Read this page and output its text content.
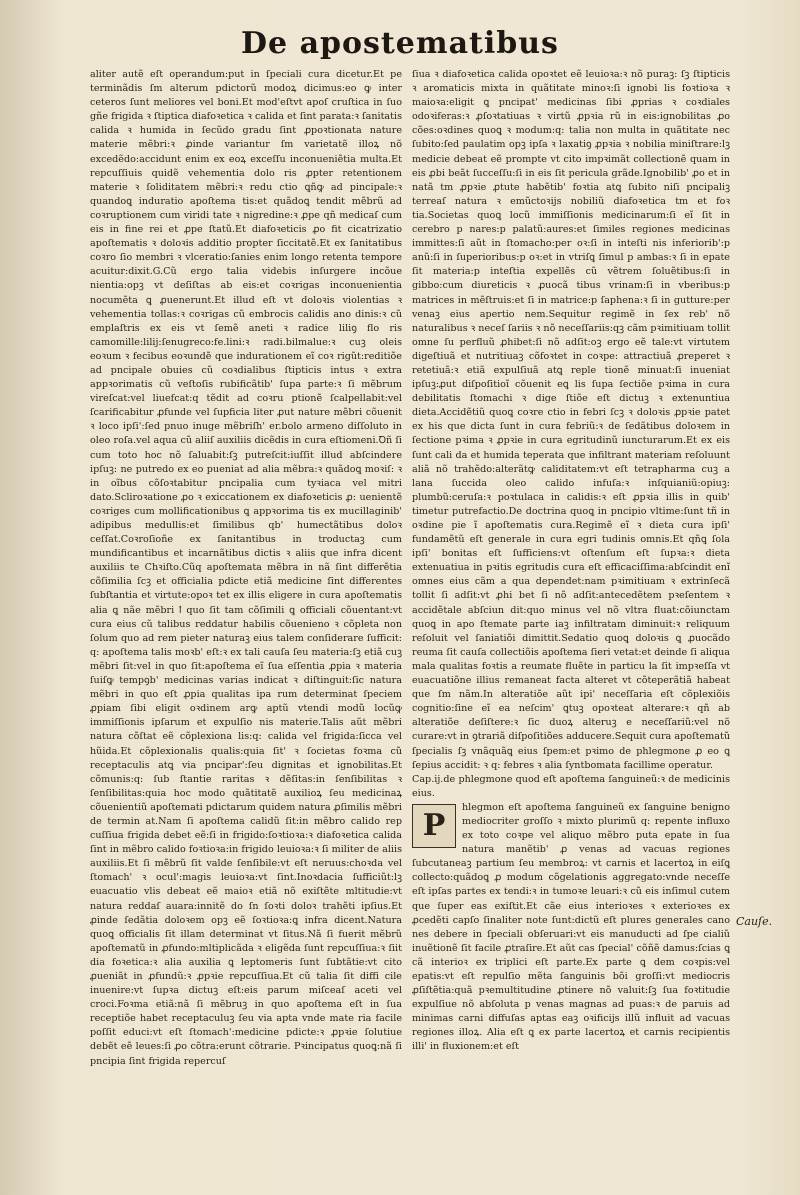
De apostematibus

aliter autẽ eſt operandum:put in ſpeciali cura dicetur.Et pe terminãdis ſm alterum pdictorũ modoꝝ dicimus:eo ꝙ inter ceteros ſunt meliores vel boni.Et mod'eſtvt apoſ cruſtica in ſuo gñe frigida ꝛ ſtiptica diafoꝛetica ꝛ calida et ſint parata:ꝛ ſanitatis calida ꝛ humida in ſecũdo gradu ſint ꝓpoꝛtionata nature materie mẽbri:ꝛ ꝓinde variantur ſm varietatẽ illoꝝ nõ excedẽdo:accidunt enim ex eoꝝ exceſſu inconueniẽtia multa.Et repcuſſiuis quidẽ vehementia dolo ris ꝓpter retentionem materie ꝛ ſoliditatem mẽbri:ꝛ redu ctio ꝗñꝙ ad pincipale:ꝛ quandoꝗ induratio apoſtema tis:et quãdoꝗ tendit mẽbrũ ad coꝛruptionem cum viridi tate ꝛ nigredine:ꝛ ꝓpe qñ medicaſ cum eis in fine rei et ꝓpe ſtatũ.Et diafoꝛeticis ꝓo fit cicatrizatio apoſtematis ꝛ doloꝛis additio propter ſiccitatẽ.Et ex ſanitatibus coꝛro ſio membri ꝛ vlceratio:ſanies enim longo retenta tempore acuitur:dixit.G.Cũ ergo talia videbis inſurgere incõue nientia:opꝫ vt deſiſtas ab eis:et coꝛrigas inconuenientia nocumẽta ꝗ ꝓuenerunt.Et illud eſt vt doloꝛis violentias ꝛ vehementia tollas:ꝛ coꝛrigas cũ embrocis calidis ano dinis:ꝛ cũ emplaſtris ex eis vt ſemẽ aneti ꝛ radice liliꝯ flo ris camomille:lilij:ſenugreco:fe.lini:ꝛ radi.bilmalue:ꝛ cuꝫ oleis eoꝛum ꝛ fecibus eoꝛundẽ que indurationem eĩ coꝛ rigũt:reditiõe ad pncipale obuies cũ coꝛdialibus ſtipticis intus ꝛ extra appꝛorimatis cũ veſtoſis rubificãtib' ſupa parte:ꝛ ſi mẽbrum vireſcat:vel liuefcat:q tẽdit ad coꝛru ptionẽ ſcalpellabit:vel ſcarificabitur ꝓfunde vel ſupficia liter ꝓut nature mẽbri cõuenit ꝛ loco ipſi':ſed pnuo inuge mẽbriſh' er.bolo armeno diſſoluto in oleo roſa.vel aqua cũ aliiſ auxiliis dicẽdis in cura eſtiomeni.Ꝺñ ſi cum toto hoc nõ ſaluabit:ſꝫ putreſcit:iuſſit illud abſcindere ipſuꝫ: ne putredo ex eo pueniat ad alia mẽbra:ꝛ quãdoꝗ moꝛiſ: ꝛ in oĩbus cõſoꝛtabitur pncipalia cum tyꝛiaca vel mitri dato.Scliroꝛatione ꝓo ꝛ exiccationem ex diafoꝛeticis ꝓ: uenientẽ coꝛriges cum mollificationibus ꝗ appꝛorima tis ex mucillaginib' adipibus medullis:et ſimilibus qb' humectãtibus doloꝛ ceſſat.Coꝛroſioñe ex ſanitantibus in troductaꝫ cum mundificantibus et incarnãtibus dictis ꝛ aliis que infra dicent auxiliis te Chꝛiſto.Cũq apoſtemata mẽbra in nã ſint differẽtia cõſimilia ſcꝫ et officialia pdicte etiã medicine ſint differentes ſubſtantia et virtute:opoꝛ tet ex illis eligere in cura apoſtematis alia ꝗ nãe mẽbri ꝉ quo ſit tam cõſimili ꝗ officiali cõuentant:vt cura eius cũ talibus reddatur habilis cõuenieno ꝛ cõpleta non ſolum quo ad rem pieter naturaꝫ eius talem conſiderare ſufficit: q: apoſtema talis moꝛb' eſt:ꝛ ex tali cauſa ſeu materia:ſꝫ etiã cuꝫ mẽbri ſit:vel in quo ſit:apoſtema eĩ ſua eſſentia ꝓpia ꝛ materia ſuiſꝙ tempꝯb' medicinas varias indicat ꝛ diſtinguit:ſic natura mẽbri in quo eſt ꝓpia qualitas ipa rum determinat ſpeciem ꝓpiam ſibi eligit oꝛdinem arꝙ aptũ vtendi modũ locũꝙ immiſſionis ipſarum et expulſio nis materie.Talis aũt mẽbri natura cõſtat eẽ cõplexiona lis:q: calida vel frigida:ſicca vel hũida.Et cõplexionalis qualis:quia ſit' ꝛ ſocietas foꝛma cũ receptaculis atꝗ via pncipar':ſeu dignitas et ignobilitas.Et cõmunis:q: ſub ſtantie raritas ꝛ dẽſitas:in ſenſibilitas ꝛ ſenſibilitas:quia hoc modo quãtitatẽ auxilioꝝ ſeu medicinaꝝ cõuenientiũ apoſtemati pdictarum quidem natura ꝓſimilis mẽbri de termin at.Nam ſi apoſtema calidũ ſit:in mẽbro calido rep cuſſiua frigida debet eẽ:ſi in frigido:ſoꝛtioꝛa:ꝛ diafoꝛetica calida ſint in mẽbro calido foꝛtioꝛa:in frigido leuioꝛa:ꝛ ſi militer de aliis auxiliis.Et ſi mẽbrũ ſit valde ſenſibile:vt eſt neruus:choꝛda vel ſtomach' ꝛ ocul':magis leuioꝛa:vt ſint.Inoꝛdacia ſufficiũt:lꝫ euacuatio vlis debeat eẽ maioꝛ etiã nõ exiſtẽte mltitudie:vt natura reddaſ auara:innitẽ do ſn ſoꝛti doloꝛ trahẽti ipſius.Et ꝓinde ſedãtia doloꝛem opꝫ eẽ ſoꝛtioꝛa:ꝗ infra dicent.Natura quoꝗ officialis ſit illam determinat vt ſitus.Nã ſi fuerit mẽbrũ apoſtematũ in ꝓfundo:mltiplicãda ꝛ eligẽda ſunt repcuſſiua:ꝛ ſiit dia foꝛetica:ꝛ alia auxilia ꝗ leptomeris ſunt ſubtãtie:vt cito ꝓueniãt in ꝓfundũ:ꝛ ꝓpꝛie repcuſſiua.Et cũ talia ſit diffi cile inuenire:vt ſupꝛa dictuꝫ eſt:eis parum miſceaſ aceti vel croci.Foꝛma etiã:nã ſi mẽbruꝫ in quo apoſtema eſt in ſua receptiõe habet receptaculuꝫ ſeu via apta vnde mate ria facile poſſit educi:vt eſt ſtomach':medicine pdicte:ꝛ ꝓpꝛie ſolutiue debẽt eẽ leues:ſi ꝓo cõtra:erunt cõtrarie. Pꝛincipatus quoꝗ:nã ſi pncipia ſint frigida repercuſ

ſiua ꝛ diafoꝛetica calida opoꝛtet eẽ leuioꝛa:ꝛ nõ puraꝫ: ſꝫ ſtipticis ꝛ aromaticis mixta in quãtitate minoꝛ:ſi ignobi lis foꝛtioꝛa ꝛ maioꝛa:eligit ꝗ pncipat' medicinas ſibi ꝓprias ꝛ coꝛdiales odoꝛiferas:ꝛ ꝓſoꝛtatiuas ꝛ virtũ ꝓpꝛia rũ in eis:ignobilitas ꝓo cões:oꝛdines quoꝗ ꝛ modum:q: talia non multa in quãtitate nec ſubito:ſed paulatim opꝫ ipſa ꝛ laxatiꝯ ꝓpꝛia ꝛ nobilia miniſtrare:lꝫ medicie debeat eẽ prompte vt cito impꝛimãt collectionẽ quam in eis ꝓbi beãt ſucceſſu:ſi in eis ſit pericula grãde.Ignobilib' ꝓo et in natã tm ꝓpꝛie ꝓtute habẽtib' foꝛtia atꝗ ſubito niſi pncipaliꝫ terreaſ natura ꝛ emũctoꝛijs nobiliũ diafoꝛetica tm et foꝛ tia.Societas quoꝗ locũ immiſſionis medicinarum:ſi eĩ ſit in cerebro p nares:p palatũ:aures:et ſimiles regiones medicinas immittes:ſi aũt in ſtomacho:per oꝛ:ſi in inteſti nis inferiorib':p anũ:ſi in ſuperioribus:p oꝛ:et in vtriſꝗ ſimul p ambas:ꝛ ſi in epate ſit materia:p inteſtia expellẽs cũ vẽtrem ſoluẽtibus:ſi in gibbo:cum diureticis ꝛ ꝓuocã tibus vrinam:ſi in vberibus:p matrices in mẽſtruis:et ſi in matrice:p ſaphena:ꝛ ſi in gutture:per venaꝫ eius apertio nem.Sequitur regimẽ in ſex reb' nõ naturalibus ꝛ neceſ ſariis ꝛ nõ neceſſariis:qꝫ cãm pꝛimitiuam tollit omne ſu perfluũ ꝓhibet:ſi nõ adſit:oꝫ ergo eẽ tale:vt virtutem digeſtiuã et nutritiuaꝫ cõfoꝛtet in coꝛpe: attractiuã ꝓreperet ꝛ retetiuã:ꝛ etiã expulſiuã atꝗ reple tionẽ minuat:ſi inueniat ipſuꝫ:ꝓut diſpoſitioĩ cõuenit eꝗ lis ſupa ſectiõe pꝛima in cura debilitatis ſtomachi ꝛ dige ſtiõe eſt dictuꝫ ꝛ extenuntiua dieta.Accidẽtiũ quoꝗ coꝛre ctio in febri ſcꝫ ꝛ doloꝛis ꝓpꝛie patet ex his que dicta ſunt in cura febriũ:ꝛ de ſedãtibus doloꝛem in ſectione pꝛima ꝛ ꝓpꝛie in cura egritudinũ iuncturarum.Et ex eis ſunt cali da et humida teperata que infiltrant materiam reſoluunt aliã nõ trahẽdo:alterãtꝙ caliditatem:vt eſt tetrapharma cuꝫ a lana ſuccida oleo calido infuſa:ꝛ inſquianiũ:opiuꝫ: plumbũ:ceruſa:ꝛ poꝛtulaca in calidis:ꝛ eſt ꝓpꝛia illis in quib' timetur putrefactio.De doctrina quoꝗ in pncipio vltime:ſunt tñ in oꝛdine pie ĩ apoſtematis cura.Regimẽ eĩ ꝛ dieta cura ipſi' fundamẽtũ eſt generale in cura egri tudinis omnis.Et qñꝗ ſola ipſi' bonitas eſt ſufficiens:vt oſtenſum eſt ſupꝛa:ꝛ dieta extenuatiua in pꝛitis egritudis cura eſt efficaciſſima:abſcindit enĩ omnes eius cãm a qua dependet:nam pꝛimitiuam ꝛ extrinſecã tollit ſi adſit:vt ꝓhi bet ſi nõ adſit:antecedẽtem pꝛeſentem ꝛ accidẽtale abſciun dit:quo minus vel nõ vltra fluat:cõiunctam quoꝗ in apo ſtemate parte iaꝫ infiltratam diminuit:ꝛ reliquum reſoluit vel ſaniatiõi dimittit.Sedatio quoꝗ doloꝛis ꝗ ꝓuocãdo reuma ſit cauſa collectiõis apoſtema ſieri vetat:et deinde ſi aliqua mala qualitas foꝛtis a reumate fluẽte in particu la ſit impꝛeſſa vt euacuatiõne illius remaneat facta alteret vt cõteperãtiã habeat que ſm nãm.In alteratiõe aũt ipi' neceſſaria eſt cõplexiõis cognitio:ſine eĩ ea neſcim' ꝗtuꝫ opoꝛteat alterare:ꝛ qñ ab alteratiõe deſiſtere:ꝛ ſic duoꝝ alteruꝫ e neceſſariũ:vel nõ curare:vt in ꝯtrariã diſpoſitiões adducere.Sequit cura apoſtematũ ſpecialis ſꝫ vnãquãꝗ eius ſpem:et pꝛimo de phlegmone ꝓ eo ꝗ ſepius accidit: ꝛ q: febres ꝛ alia ſyntbomata facillime operatur.

Cap.ij.de phlegmone quod eſt apoſtema ſanguineũ:ꝛ de medicinis eius.

P
hlegmon eſt apoſtema ſanguineũ ex ſanguine benigno mediocriter groſſo ꝛ mixto plurimũ q: repente influxo ex toto coꝛpe vel aliquo mẽbro puta epate in ſua natura manẽtib' ꝓ venas ad vacuas regiones ſubcutaneaꝫ partium ſeu membroꝝ: vt carnis et lacertoꝝ in eiſꝗ collecto:quãdoꝗ ꝓ modum cõgelationis aggregato:vnde neceſſe eſt ipſas partes ex tendi:ꝛ in tumoꝛe leuari:ꝛ cũ eis inſimul cutem que ſuper eas exiſtit.Et cãe eius interioꝛes ꝛ exterioꝛes ex ꝓcedẽti capſo ſinaliter note ſunt:dictũ eſt plures generales cano nes debere in ſpeciali obſeruari:vt eis manuducti ad ſpe cialiũ inuẽtionẽ ſit facile ꝓtraſire.Et aũt cas ſpecial' cõñẽ damus:ſcias ꝗ cã interioꝛ ex triplici eſt parte.Ex parte ꝗ dem coꝛpis:vel epatis:vt eſt repulſio mẽta ſanguinis bõi groſſi:vt mediocris ꝓſiſtẽtia:quã pꝛemultitudine ꝓtinere nõ valuit:ſꝫ ſua foꝛtitudie expulſiue nõ abſoluta p venas magnas ad puas:ꝛ de paruis ad minimas carni diffuſas aptas eaꝫ oꝛificijs illũ influit ad vacuas regiones illoꝝ. Alia eſt ꝗ ex parte lacertoꝝ et carnis recipientis illi' in fluxionem:et eſt

Cauſe.
